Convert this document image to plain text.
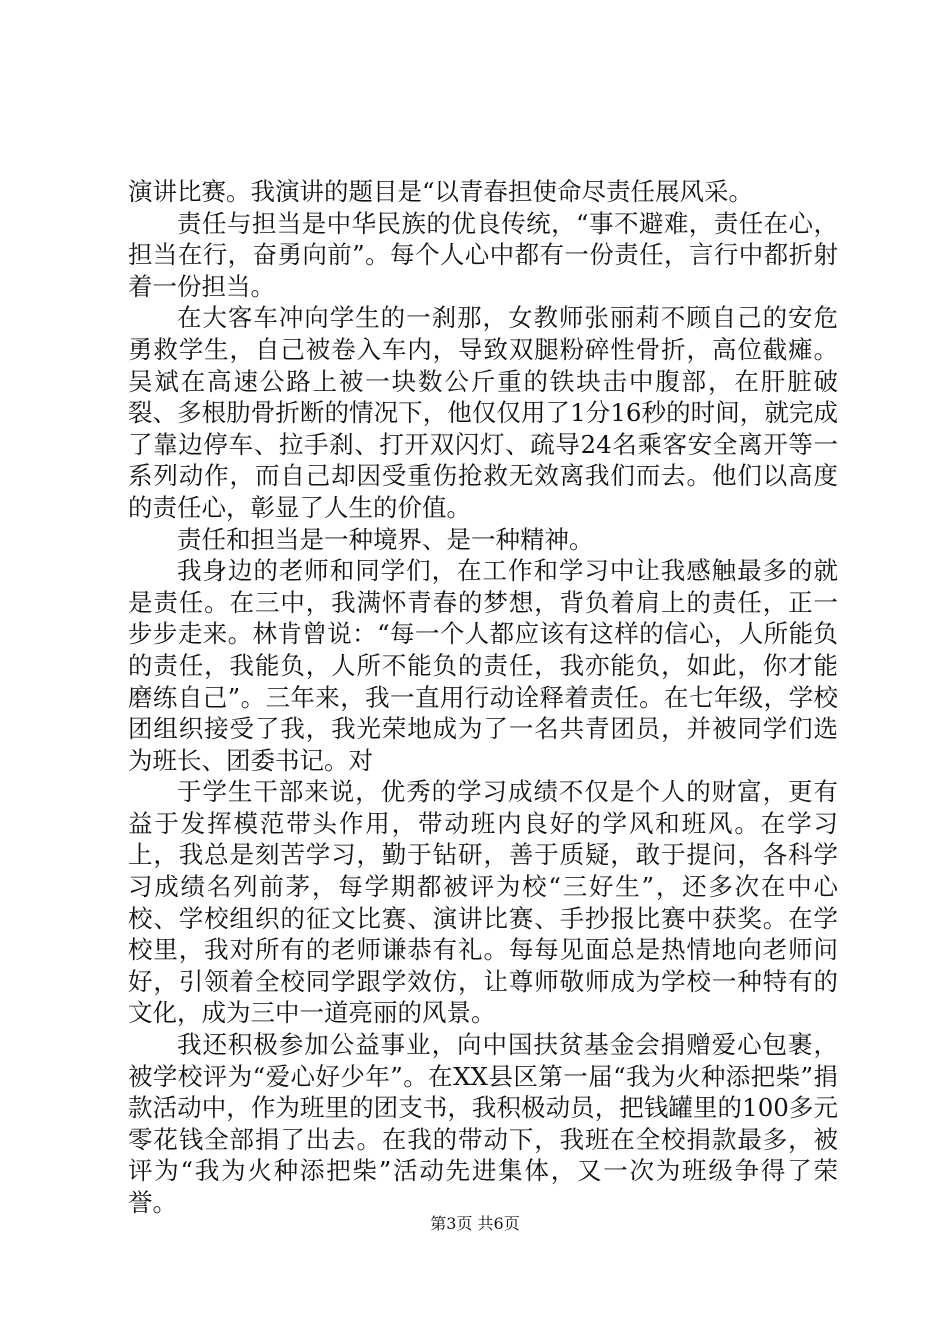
演讲比赛。我演讲的题目是“以青春担使命尽责任展风采。

责任与担当是中华民族的优良传统，“事不避难，责任在心，担当在行，奋勇向前”。每个人心中都有一份责任，言行中都折射着一份担当。

在大客车冲向学生的一刹那，女教师张丽莉不顾自己的安危勇救学生，自己被卷入车内，导致双腿粉碎性骨折，高位截瘫。吴斌在高速公路上被一块数公斤重的铁块击中腹部，在肝脏破裂、多根肋骨折断的情况下，他仅仅用了1分16秒的时间，就完成了靠边停车、拉手刹、打开双闪灯、疏导24名乘客安全离开等一系列动作，而自己却因受重伤抢救无效离我们而去。他们以高度的责任心，彰显了人生的价值。

责任和担当是一种境界、是一种精神。

我身边的老师和同学们，在工作和学习中让我感触最多的就是责任。在三中，我满怀青春的梦想，背负着肩上的责任，正一步步走来。林肯曾说：“每一个人都应该有这样的信心，人所能负的责任，我能负，人所不能负的责任，我亦能负，如此，你才能磨练自己”。三年来，我一直用行动诠释着责任。在七年级，学校团组织接受了我，我光荣地成为了一名共青团员，并被同学们选为班长、团委书记。对

于学生干部来说，优秀的学习成绩不仅是个人的财富，更有益于发挥模范带头作用，带动班内良好的学风和班风。在学习上，我总是刻苦学习，勤于钻研，善于质疑，敢于提问，各科学习成绩名列前茅，每学期都被评为校“三好生”，还多次在中心校、学校组织的征文比赛、演讲比赛、手抄报比赛中获奖。在学校里，我对所有的老师谦恭有礼。每每见面总是热情地向老师问好，引领着全校同学跟学效仿，让尊师敬师成为学校一种特有的文化，成为三中一道亮丽的风景。

我还积极参加公益事业，向中国扶贫基金会捐赠爱心包裹，被学校评为“爱心好少年”。在XX县区第一届“我为火种添把柴”捐款活动中，作为班里的团支书，我积极动员，把钱罐里的100多元零花钱全部捐了出去。在我的带动下，我班在全校捐款最多，被评为“我为火种添把柴”活动先进集体，又一次为班级争得了荣誉。

第3页 共6页
